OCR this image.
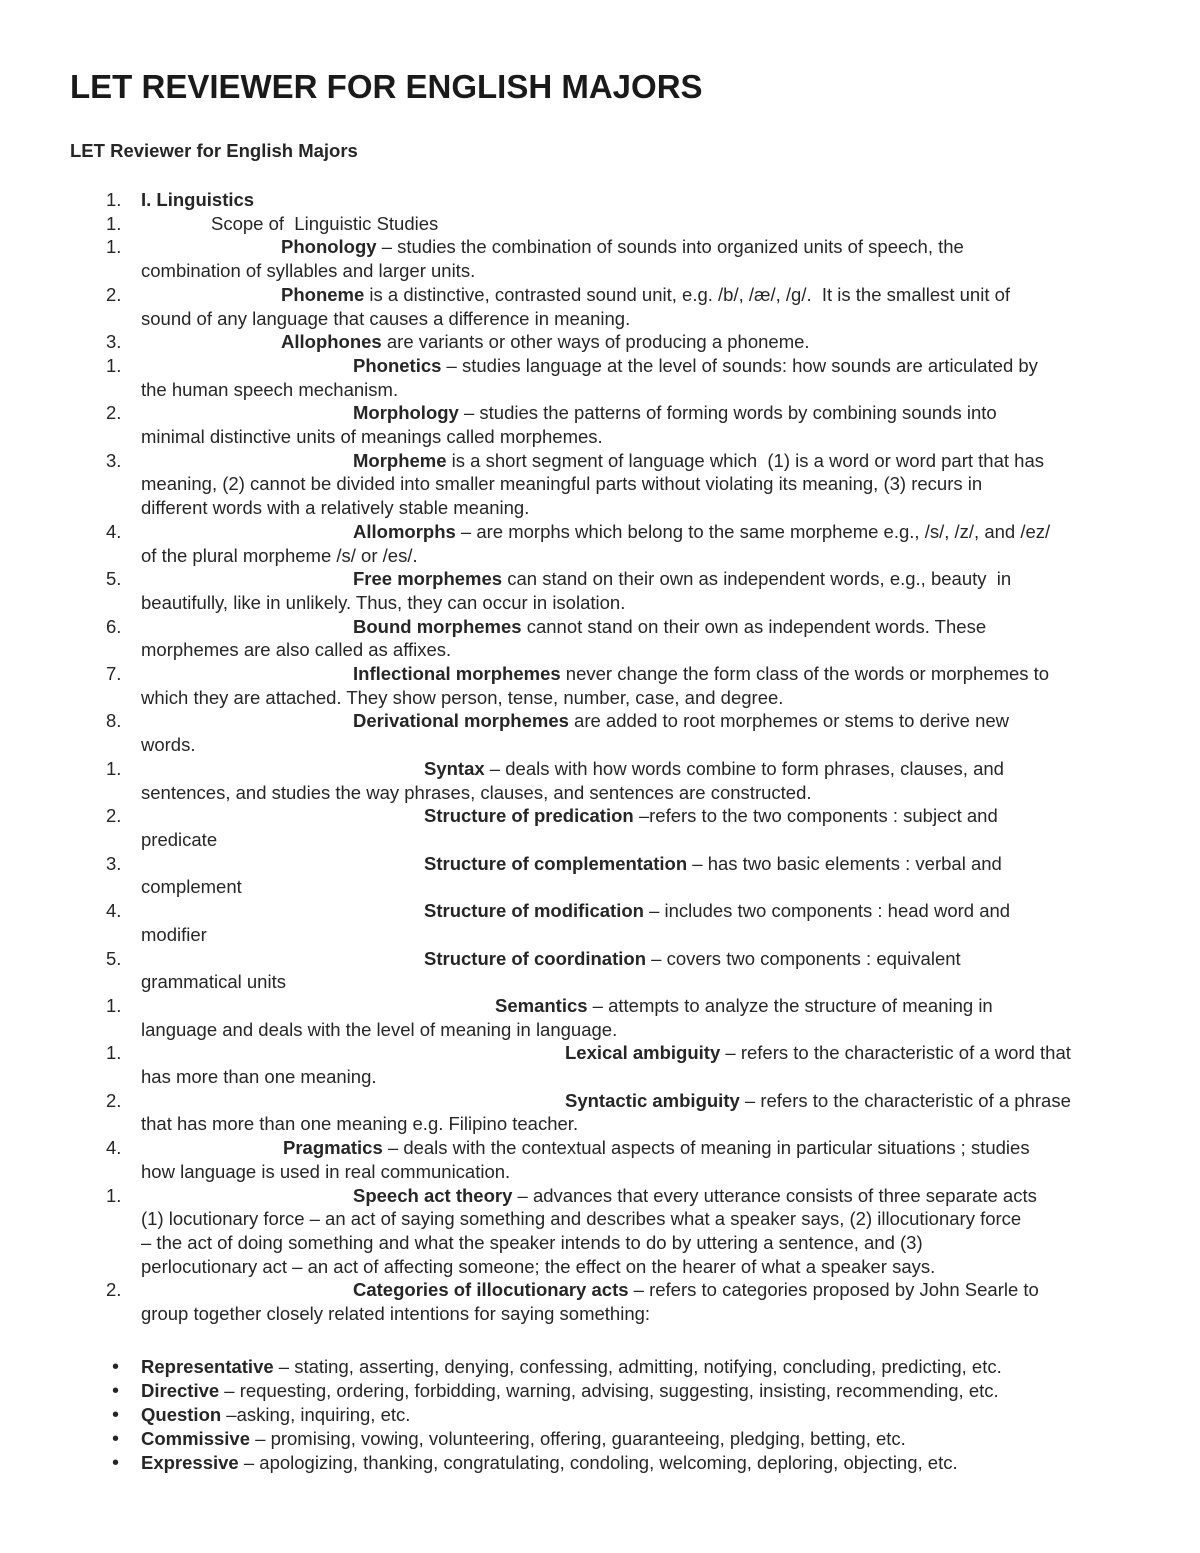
LET REVIEWER FOR ENGLISH MAJORS
LET Reviewer for English Majors
1.	I. Linguistics
1.	Scope of  Linguistic Studies
1.	Phonology – studies the combination of sounds into organized units of speech, the
combination of syllables and larger units.
2.	Phoneme is a distinctive, contrasted sound unit, e.g. /b/, /æ/, /g/.  It is the smallest unit of
sound of any language that causes a difference in meaning.
3.	Allophones are variants or other ways of producing a phoneme.
1.	Phonetics – studies language at the level of sounds: how sounds are articulated by
the human speech mechanism.
2.	Morphology – studies the patterns of forming words by combining sounds into
minimal distinctive units of meanings called morphemes.
3.	Morpheme is a short segment of language which  (1) is a word or word part that has
meaning, (2) cannot be divided into smaller meaningful parts without violating its meaning, (3) recurs in
different words with a relatively stable meaning.
4.	Allomorphs – are morphs which belong to the same morpheme e.g., /s/, /z/, and /ez/
of the plural morpheme /s/ or /es/.
5.	Free morphemes can stand on their own as independent words, e.g., beauty  in
beautifully, like in unlikely. Thus, they can occur in isolation.
6.	Bound morphemes cannot stand on their own as independent words. These
morphemes are also called as affixes.
7.	Inflectional morphemes never change the form class of the words or morphemes to
which they are attached. They show person, tense, number, case, and degree.
8.	Derivational morphemes are added to root morphemes or stems to derive new
words.
1.	Syntax – deals with how words combine to form phrases, clauses, and
sentences, and studies the way phrases, clauses, and sentences are constructed.
2.	Structure of predication –refers to the two components : subject and
predicate
3.	Structure of complementation – has two basic elements : verbal and
complement
4.	Structure of modification – includes two components : head word and
modifier
5.	Structure of coordination – covers two components : equivalent
grammatical units
1.	Semantics – attempts to analyze the structure of meaning in
language and deals with the level of meaning in language.
1.	Lexical ambiguity – refers to the characteristic of a word that
has more than one meaning.
2.	Syntactic ambiguity – refers to the characteristic of a phrase
that has more than one meaning e.g. Filipino teacher.
4.	Pragmatics – deals with the contextual aspects of meaning in particular situations ; studies
how language is used in real communication.
1.	Speech act theory – advances that every utterance consists of three separate acts
(1) locutionary force – an act of saying something and describes what a speaker says, (2) illocutionary force
– the act of doing something and what the speaker intends to do by uttering a sentence, and (3)
perlocutionary act – an act of affecting someone; the effect on the hearer of what a speaker says.
2.	Categories of illocutionary acts – refers to categories proposed by John Searle to
group together closely related intentions for saying something:
• Representative – stating, asserting, denying, confessing, admitting, notifying, concluding, predicting, etc.
• Directive – requesting, ordering, forbidding, warning, advising, suggesting, insisting, recommending, etc.
• Question –asking, inquiring, etc.
• Commissive – promising, vowing, volunteering, offering, guaranteeing, pledging, betting, etc.
• Expressive – apologizing, thanking, congratulating, condoling, welcoming, deploring, objecting, etc.
